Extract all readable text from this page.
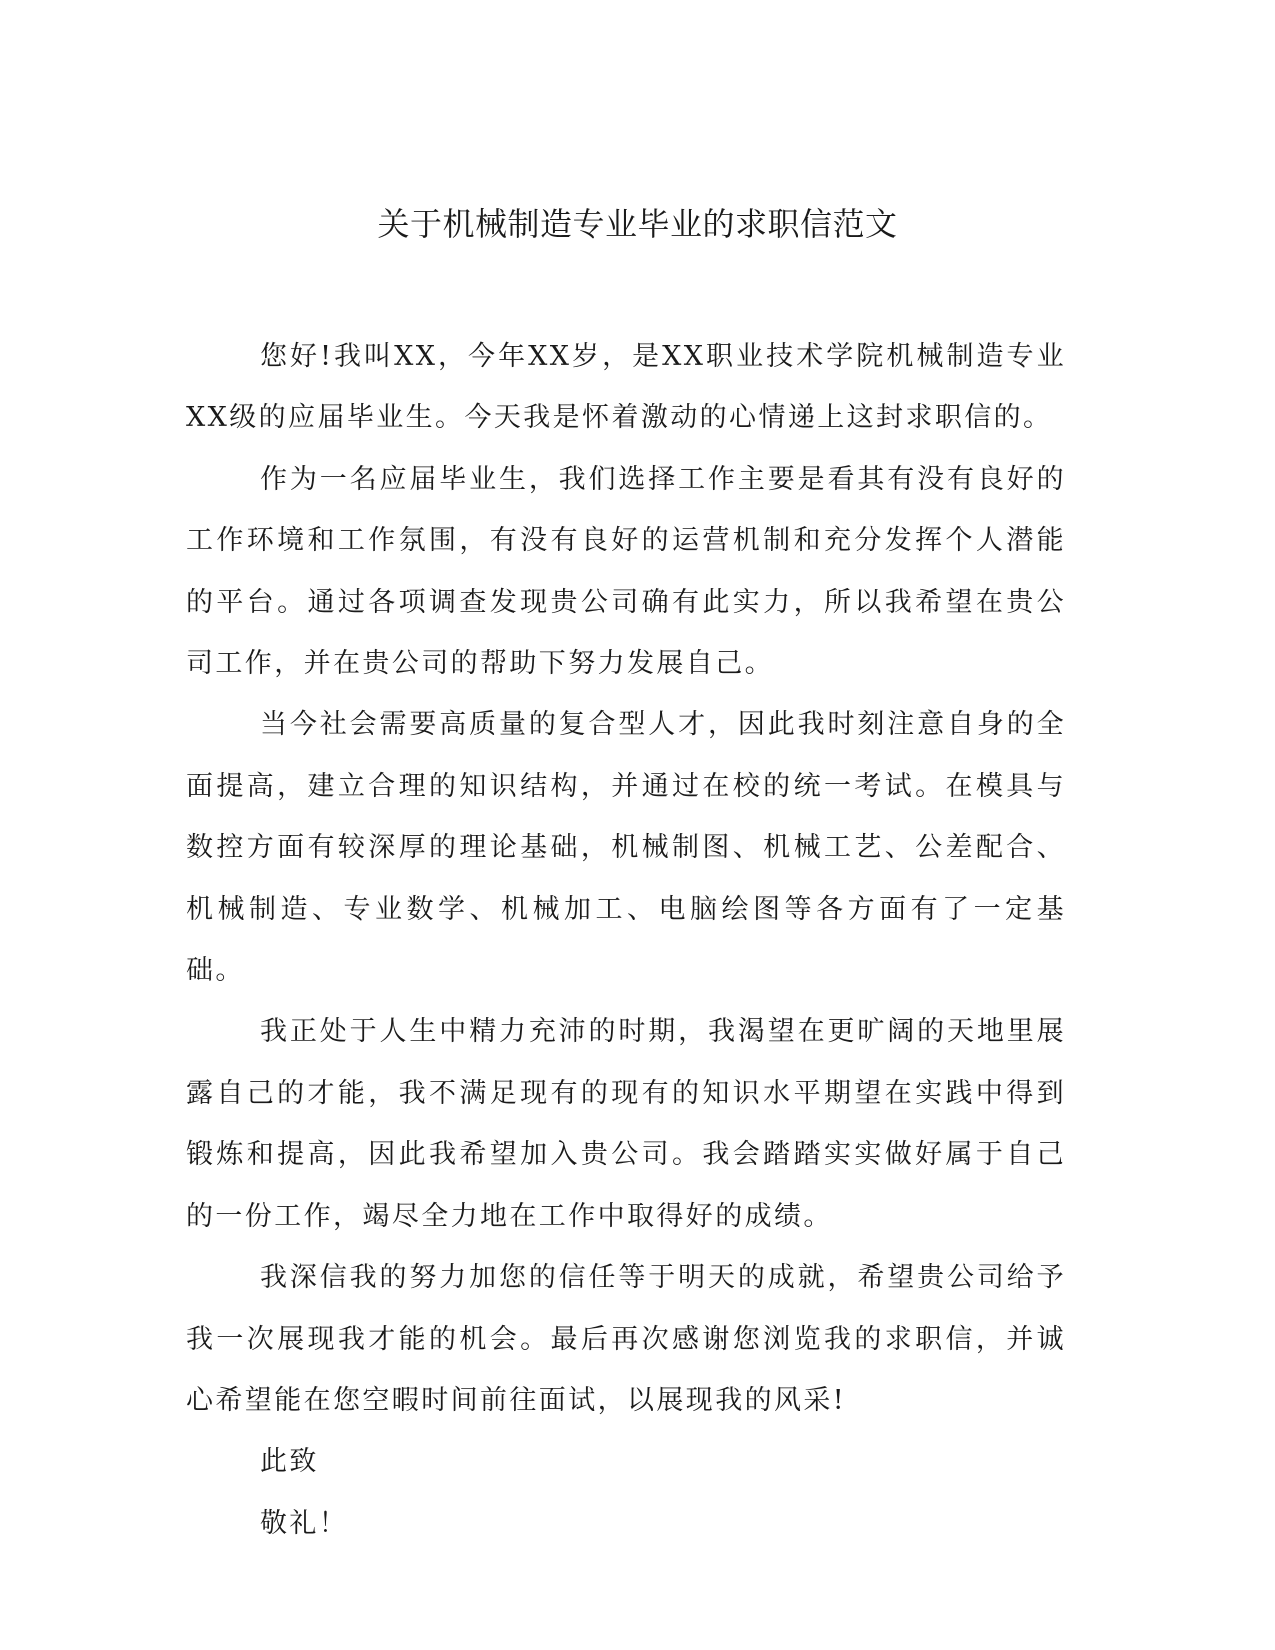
关于机械制造专业毕业的求职信范文

您好!我叫XX，今年XX岁，是XX职业技术学院机械制造专业XX级的应届毕业生。今天我是怀着激动的心情递上这封求职信的。

作为一名应届毕业生，我们选择工作主要是看其有没有良好的工作环境和工作氛围，有没有良好的运营机制和充分发挥个人潜能的平台。通过各项调查发现贵公司确有此实力，所以我希望在贵公司工作，并在贵公司的帮助下努力发展自己。

当今社会需要高质量的复合型人才，因此我时刻注意自身的全面提高，建立合理的知识结构，并通过在校的统一考试。在模具与数控方面有较深厚的理论基础，机械制图、机械工艺、公差配合、机械制造、专业数学、机械加工、电脑绘图等各方面有了一定基础。

我正处于人生中精力充沛的时期，我渴望在更旷阔的天地里展露自己的才能，我不满足现有的现有的知识水平期望在实践中得到锻炼和提高，因此我希望加入贵公司。我会踏踏实实做好属于自己的一份工作，竭尽全力地在工作中取得好的成绩。

我深信我的努力加您的信任等于明天的成就，希望贵公司给予我一次展现我才能的机会。最后再次感谢您浏览我的求职信，并诚心希望能在您空暇时间前往面试，以展现我的风采!

此致

敬礼！
